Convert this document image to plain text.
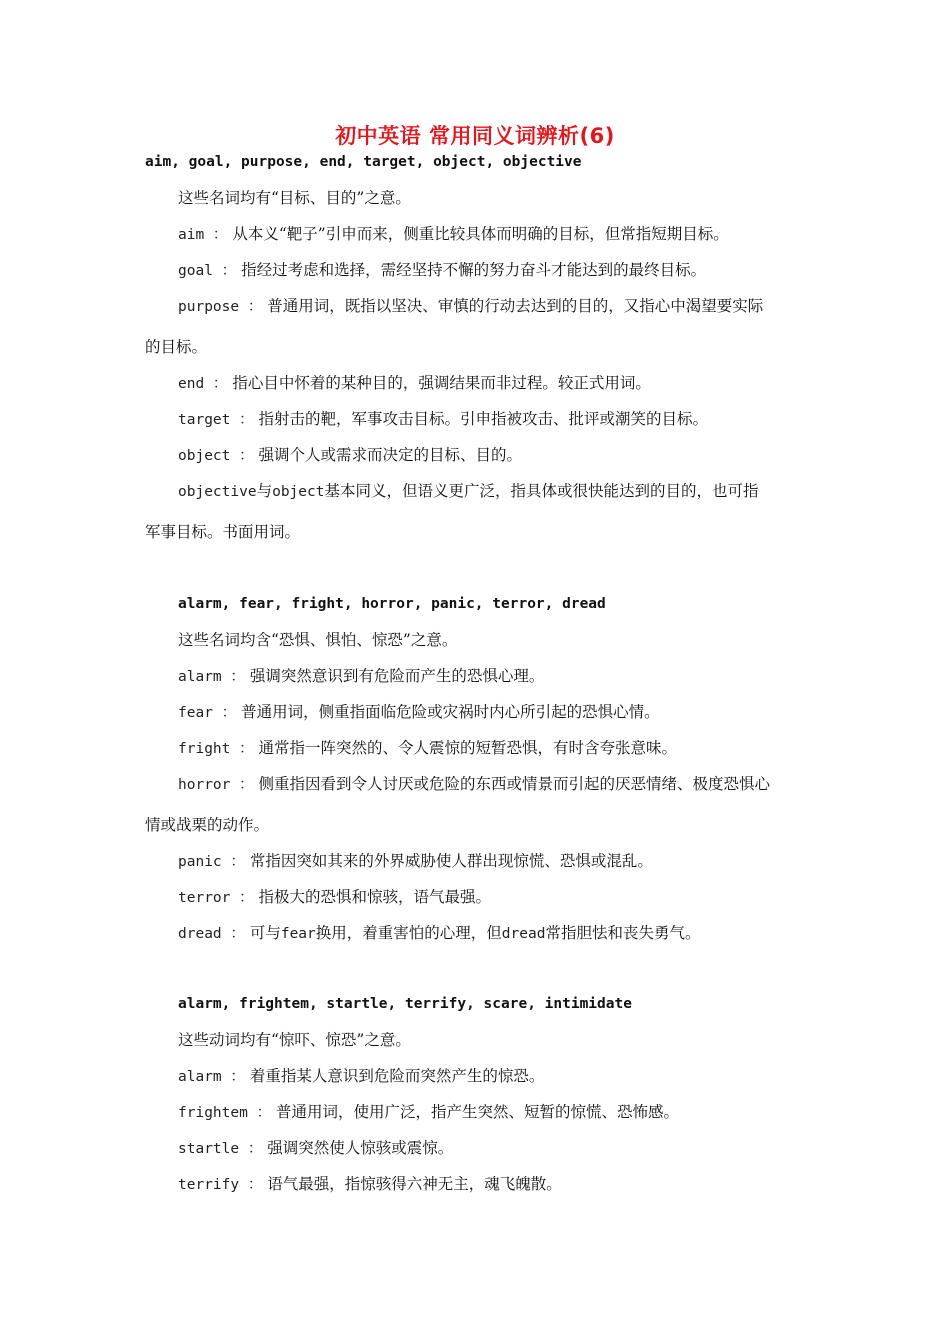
初中英语 常用同义词辨析(6)
aim, goal, purpose, end, target, object, objective
这些名词均有“目标、目的”之意。
aim ： 从本义“靶子”引申而来，侧重比较具体而明确的目标，但常指短期目标。
goal ： 指经过考虑和选择，需经坚持不懈的努力奋斗才能达到的最终目标。
purpose ： 普通用词，既指以坚决、审慎的行动去达到的目的，又指心中渴望要实际
的目标。
end ： 指心目中怀着的某种目的，强调结果而非过程。较正式用词。
target ： 指射击的靶，军事攻击目标。引申指被攻击、批评或潮笑的目标。
object ： 强调个人或需求而决定的目标、目的。
objective与object基本同义，但语义更广泛，指具体或很快能达到的目的，也可指
军事目标。书面用词。
alarm, fear, fright, horror, panic, terror, dread
这些名词均含“恐惧、惧怕、惊恐”之意。
alarm ： 强调突然意识到有危险而产生的恐惧心理。
fear ： 普通用词，侧重指面临危险或灾祸时内心所引起的恐惧心情。
fright ： 通常指一阵突然的、令人震惊的短暂恐惧，有时含夸张意味。
horror ： 侧重指因看到令人讨厌或危险的东西或情景而引起的厌恶情绪、极度恐惧心
情或战栗的动作。
panic ： 常指因突如其来的外界威胁使人群出现惊慌、恐惧或混乱。
terror ： 指极大的恐惧和惊骇，语气最强。
dread ： 可与fear换用，着重害怕的心理，但dread常指胆怯和丧失勇气。
alarm, frightem, startle, terrify, scare, intimidate
这些动词均有“惊吓、惊恐”之意。
alarm ： 着重指某人意识到危险而突然产生的惊恐。
frightem ： 普通用词，使用广泛，指产生突然、短暂的惊慌、恐怖感。
startle ： 强调突然使人惊骇或震惊。
terrify ： 语气最强，指惊骇得六神无主，魂飞魄散。
